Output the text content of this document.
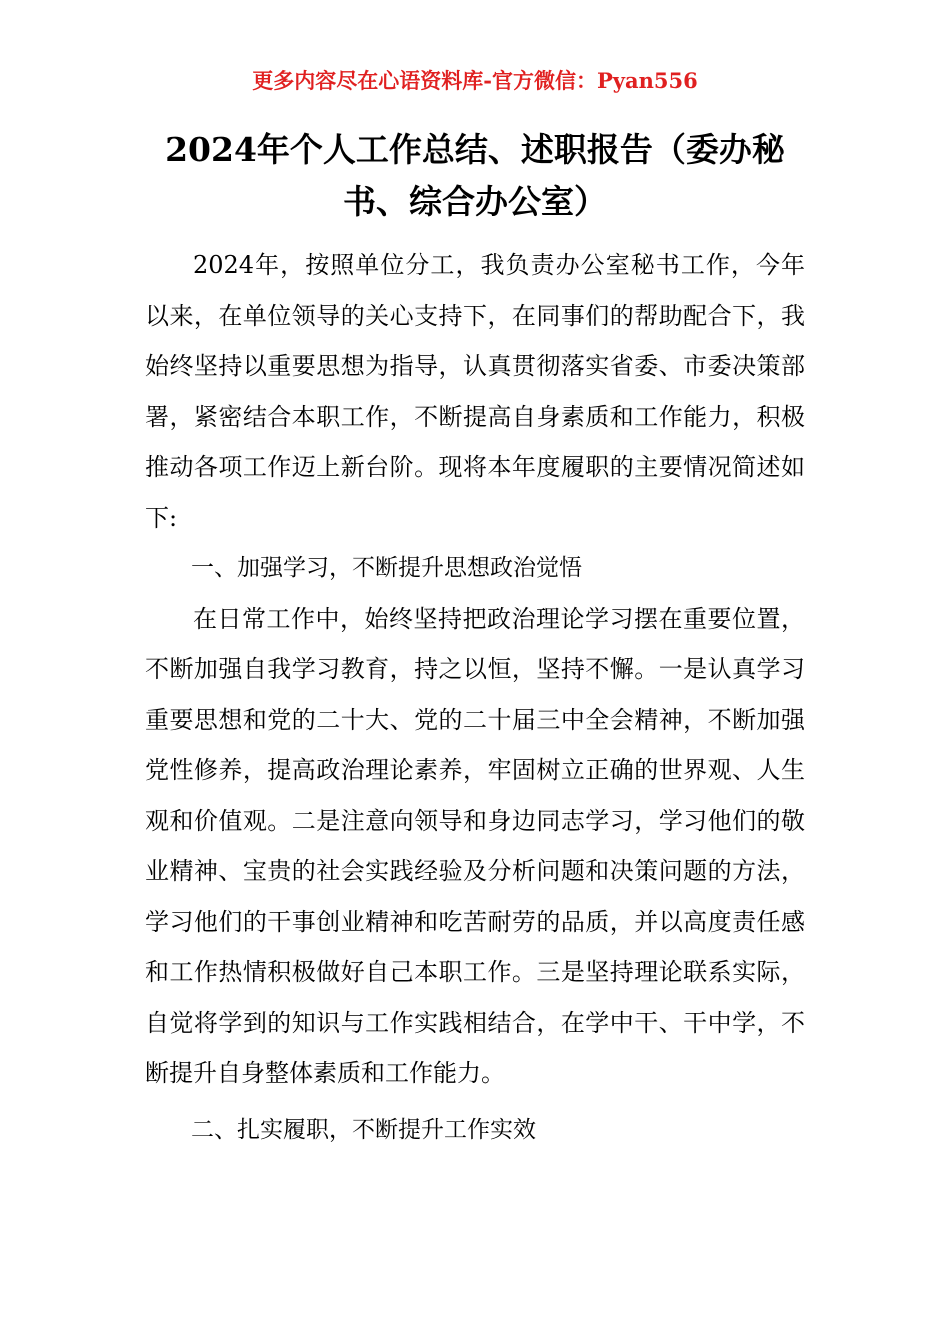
更多内容尽在心语资料库-官方微信：Pyan556
2024年个人工作总结、述职报告（委办秘书、综合办公室）

2024年，按照单位分工，我负责办公室秘书工作，今年以来，在单位领导的关心支持下，在同事们的帮助配合下，我始终坚持以重要思想为指导，认真贯彻落实省委、市委决策部署，紧密结合本职工作，不断提高自身素质和工作能力，积极推动各项工作迈上新台阶。现将本年度履职的主要情况简述如下:

一、加强学习，不断提升思想政治觉悟

在日常工作中，始终坚持把政治理论学习摆在重要位置，不断加强自我学习教育，持之以恒，坚持不懈。一是认真学习重要思想和党的二十大、党的二十届三中全会精神，不断加强党性修养，提高政治理论素养，牢固树立正确的世界观、人生观和价值观。二是注意向领导和身边同志学习，学习他们的敬业精神、宝贵的社会实践经验及分析问题和决策问题的方法，学习他们的干事创业精神和吃苦耐劳的品质，并以高度责任感和工作热情积极做好自己本职工作。三是坚持理论联系实际，自觉将学到的知识与工作实践相结合，在学中干、干中学，不断提升自身整体素质和工作能力。

二、扎实履职，不断提升工作实效
